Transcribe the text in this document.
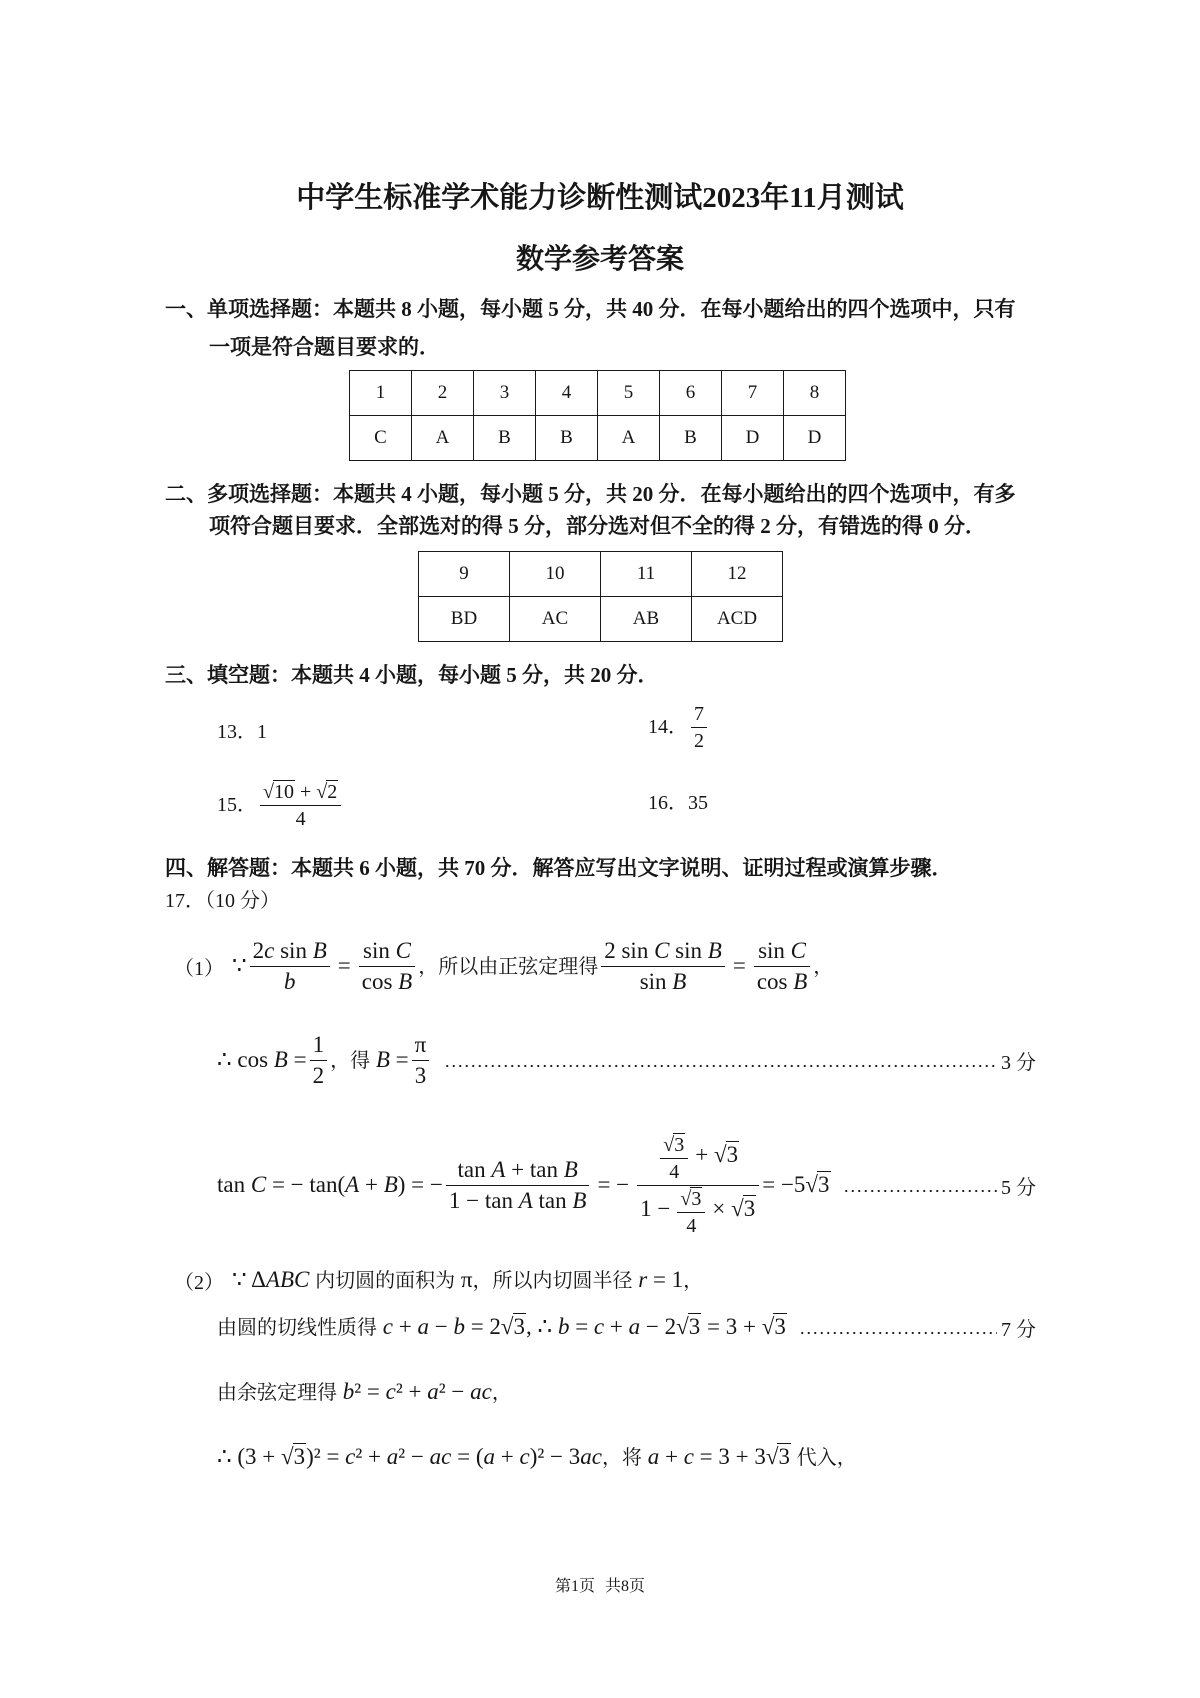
中学生标准学术能力诊断性测试2023年11月测试
数学参考答案
一、单项选择题：本题共 8 小题，每小题 5 分，共 40 分．在每小题给出的四个选项中，只有
一项是符合题目要求的．
1	2	3	4	5	6	7	8
C	A	B	B	A	B	D	D
二、多项选择题：本题共 4 小题，每小题 5 分，共 20 分．在每小题给出的四个选项中，有多
项符合题目要求．全部选对的得 5 分，部分选对但不全的得 2 分，有错选的得 0 分．
9	10	11	12
BD	AC	AB	ACD
三、填空题：本题共 4 小题，每小题 5 分，共 20 分．
13． 1	14． $\frac{7}{2}$
15． $\frac{√10 + √2}{4}$	16． 35
四、解答题：本题共 6 小题，共 70 分．解答应写出文字说明、证明过程或演算步骤．
17．（10 分）
（1） ∵ $\frac{\text{2c sin B}}{b} = \frac{\text{sin C}}{\text{cos B}}$ ，所以由正弦定理得 $\frac{\text{2 sin C sin B}}{\text{sin B}} = \frac{\text{sin C}}{\text{cos B}}$ ，
∴ $\cos B = \frac{1}{2}$ ，得 $B = \frac{\pi}{3}$	3 分
tan C = − tan(A + B) = − $\frac{\text{tan A + tan B}}{\text{1 − tan A tan B}}$ = − $\frac{\frac{√3}{4} + √3}{1 - \frac{√3}{4} \times √3} = -5√3$	5 分
（2） ∵ ΔABC 内切圆的面积为 π，所以内切圆半径 r = 1，
由圆的切线性质得 c + a − b = 2√3, ∴ b = c + a − 2√3 = 3 + √3	7 分
由余弦定理得 b² = c² + a² − ac，
∴ (3 + √3)² = c² + a² − ac = (a + c)² − 3ac，将 a + c = 3 + 3√3 代入，
第1页 共8页
